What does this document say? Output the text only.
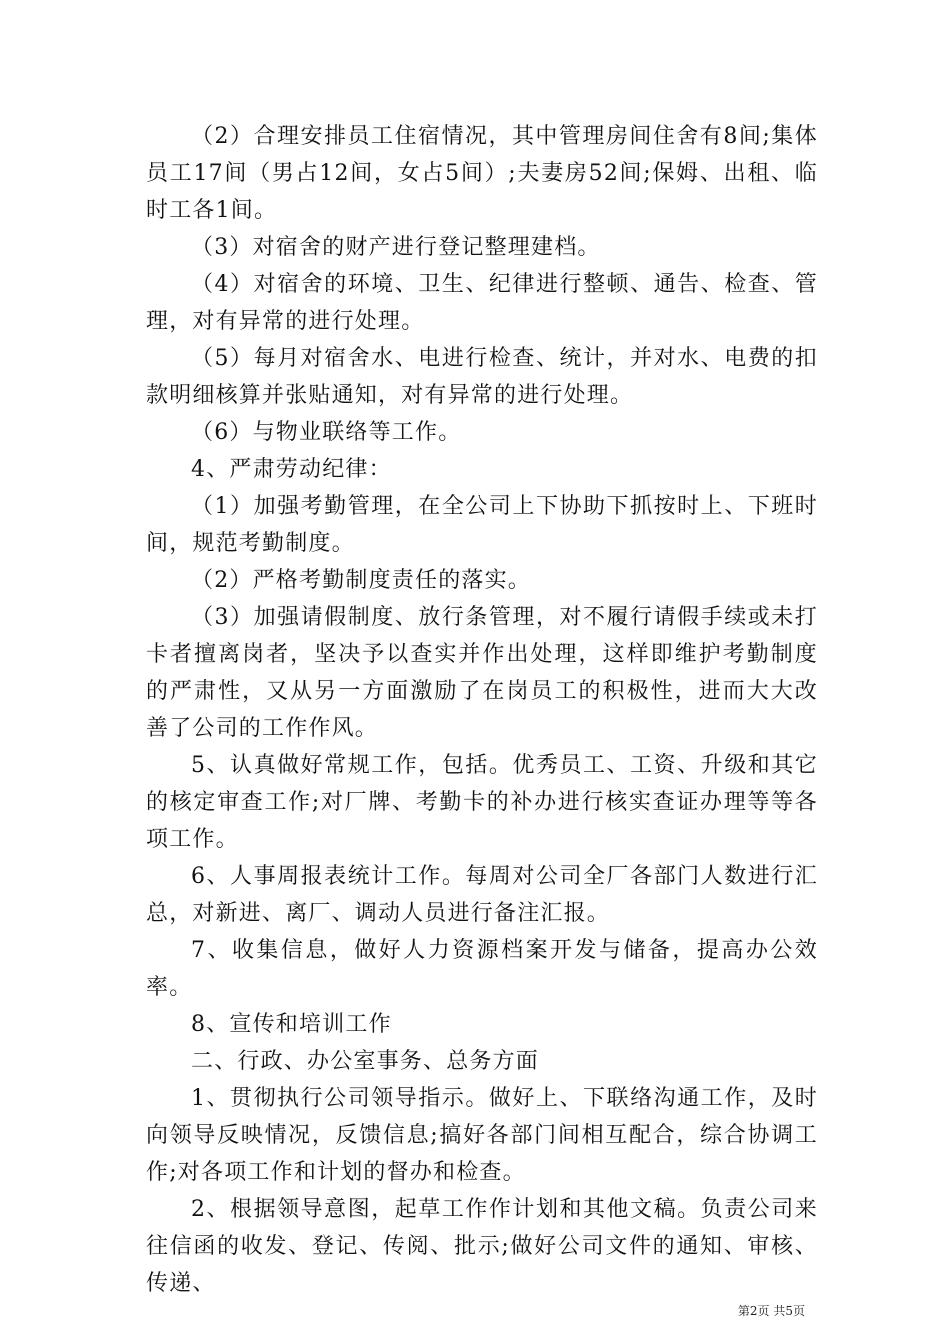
（2）合理安排员工住宿情况，其中管理房间住舍有8间;集体员工17间（男占12间，女占5间）;夫妻房52间;保姆、出租、临时工各1间。

（3）对宿舍的财产进行登记整理建档。

（4）对宿舍的环境、卫生、纪律进行整顿、通告、检查、管理，对有异常的进行处理。

（5）每月对宿舍水、电进行检查、统计，并对水、电费的扣款明细核算并张贴通知，对有异常的进行处理。

（6）与物业联络等工作。

4、严肃劳动纪律：

（1）加强考勤管理，在全公司上下协助下抓按时上、下班时间，规范考勤制度。

（2）严格考勤制度责任的落实。

（3）加强请假制度、放行条管理，对不履行请假手续或未打卡者擅离岗者，坚决予以查实并作出处理，这样即维护考勤制度的严肃性，又从另一方面激励了在岗员工的积极性，进而大大改善了公司的工作作风。

5、认真做好常规工作，包括。优秀员工、工资、升级和其它的核定审查工作;对厂牌、考勤卡的补办进行核实查证办理等等各项工作。

6、人事周报表统计工作。每周对公司全厂各部门人数进行汇总，对新进、离厂、调动人员进行备注汇报。

7、收集信息，做好人力资源档案开发与储备，提高办公效率。

8、宣传和培训工作

二、行政、办公室事务、总务方面

1、贯彻执行公司领导指示。做好上、下联络沟通工作，及时向领导反映情况，反馈信息;搞好各部门间相互配合，综合协调工作;对各项工作和计划的督办和检查。

2、根据领导意图，起草工作作计划和其他文稿。负责公司来往信函的收发、登记、传阅、批示;做好公司文件的通知、审核、传递、

第2页 共5页
